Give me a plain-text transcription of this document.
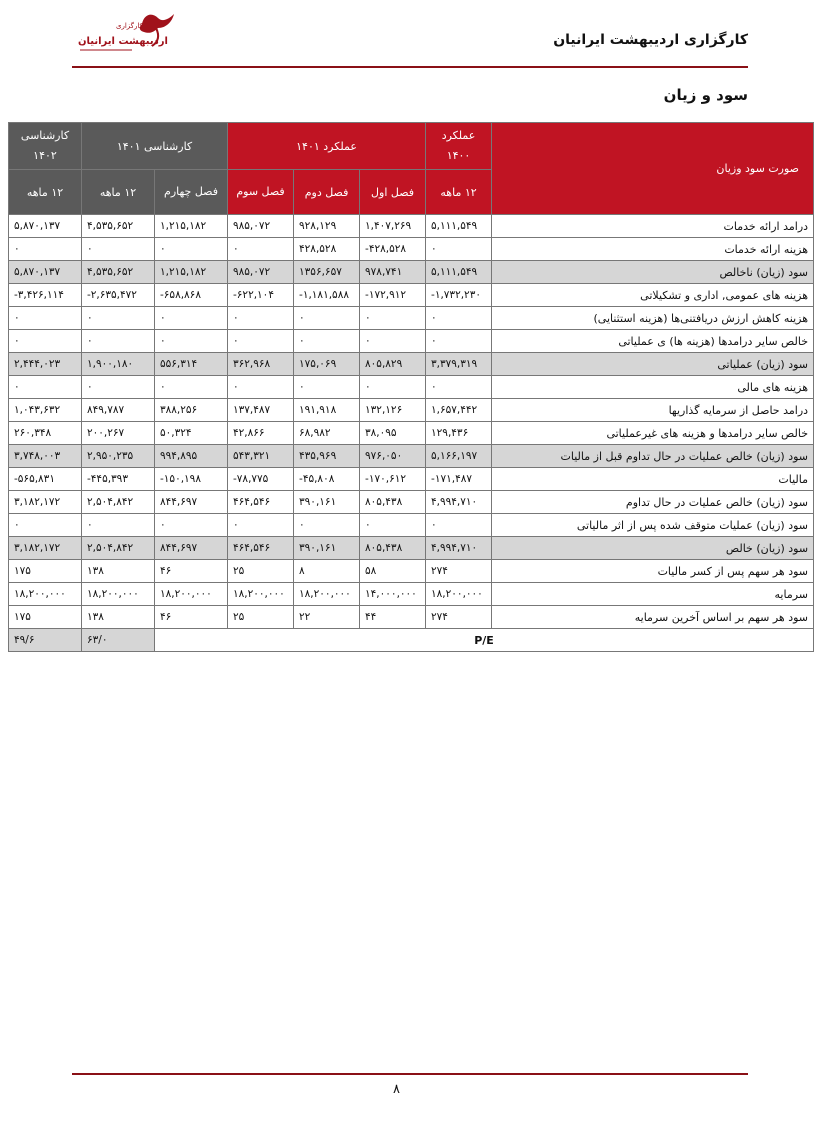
کارگزاری
اردیبهشت ایرانیان	کارگزاری اردیبهشت ایرانیان
سود و زیان
صورت سود وزیان	عملکرد ۱۴۰۰	عملکرد ۱۴۰۱			کارشناسی ۱۴۰۱		کارشناسی ۱۴۰۲
	۱۲ ماهه	فصل اول	فصل دوم	فصل سوم	فصل چهارم	۱۲ ماهه	۱۲ ماهه
درامد ارائه خدمات	۵,۱۱۱,۵۴۹	۱,۴۰۷,۲۶۹	۹۲۸,۱۲۹	۹۸۵,۰۷۲	۱,۲۱۵,۱۸۲	۴,۵۳۵,۶۵۲	۵,۸۷۰,۱۳۷
هزینه ارائه خدمات	۰	-۴۲۸,۵۲۸	۴۲۸,۵۲۸	۰	۰	۰	۰
سود (زیان) ناخالص	۵,۱۱۱,۵۴۹	۹۷۸,۷۴۱	۱۳۵۶,۶۵۷	۹۸۵,۰۷۲	۱,۲۱۵,۱۸۲	۴,۵۳۵,۶۵۲	۵,۸۷۰,۱۳۷
هزینه های عمومی, اداری و تشکیلاتی	-۱,۷۳۲,۲۳۰	-۱۷۲,۹۱۲	-۱,۱۸۱,۵۸۸	-۶۲۲,۱۰۴	-۶۵۸,۸۶۸	-۲,۶۳۵,۴۷۲	-۳,۴۲۶,۱۱۴
هزینه کاهش ارزش دریافتنی‌ها (هزینه استثنایی)	۰	۰	۰	۰	۰	۰	۰
خالص سایر درامدها (هزینه ها) ی عملیاتی	۰	۰	۰	۰	۰	۰	۰
سود (زیان) عملیاتی	۳,۳۷۹,۳۱۹	۸۰۵,۸۲۹	۱۷۵,۰۶۹	۳۶۲,۹۶۸	۵۵۶,۳۱۴	۱,۹۰۰,۱۸۰	۲,۴۴۴,۰۲۳
هزینه های مالی	۰	۰	۰	۰	۰	۰	۰
درامد حاصل از سرمایه گذاریها	۱,۶۵۷,۴۴۲	۱۳۲,۱۲۶	۱۹۱,۹۱۸	۱۳۷,۴۸۷	۳۸۸,۲۵۶	۸۴۹,۷۸۷	۱,۰۴۳,۶۳۲
خالص سایر درامدها و هزینه های غیرعملیاتی	۱۲۹,۴۳۶	۳۸,۰۹۵	۶۸,۹۸۲	۴۲,۸۶۶	۵۰,۳۲۴	۲۰۰,۲۶۷	۲۶۰,۳۴۸
سود (زیان) خالص عملیات در حال تداوم قبل از مالیات	۵,۱۶۶,۱۹۷	۹۷۶,۰۵۰	۴۳۵,۹۶۹	۵۴۳,۳۲۱	۹۹۴,۸۹۵	۲,۹۵۰,۲۳۵	۳,۷۴۸,۰۰۳
مالیات	-۱۷۱,۴۸۷	-۱۷۰,۶۱۲	-۴۵,۸۰۸	-۷۸,۷۷۵	-۱۵۰,۱۹۸	-۴۴۵,۳۹۳	-۵۶۵,۸۳۱
سود (زیان) خالص عملیات در حال تداوم	۴,۹۹۴,۷۱۰	۸۰۵,۴۳۸	۳۹۰,۱۶۱	۴۶۴,۵۴۶	۸۴۴,۶۹۷	۲,۵۰۴,۸۴۲	۳,۱۸۲,۱۷۲
سود (زیان) عملیات متوقف شده پس از اثر مالیاتی	۰	۰	۰	۰	۰	۰	۰
سود (زیان) خالص	۴,۹۹۴,۷۱۰	۸۰۵,۴۳۸	۳۹۰,۱۶۱	۴۶۴,۵۴۶	۸۴۴,۶۹۷	۲,۵۰۴,۸۴۲	۳,۱۸۲,۱۷۲
سود هر سهم پس از کسر مالیات	۲۷۴	۵۸	۸	۲۵	۴۶	۱۳۸	۱۷۵
سرمایه	۱۸,۲۰۰,۰۰۰	۱۴,۰۰۰,۰۰۰	۱۸,۲۰۰,۰۰۰	۱۸,۲۰۰,۰۰۰	۱۸,۲۰۰,۰۰۰	۱۸,۲۰۰,۰۰۰	۱۸,۲۰۰,۰۰۰
سود هر سهم بر اساس آخرین سرمایه	۲۷۴	۴۴	۲۲	۲۵	۴۶	۱۳۸	۱۷۵
P/E						۶۳/۰	۴۹/۶
۸
